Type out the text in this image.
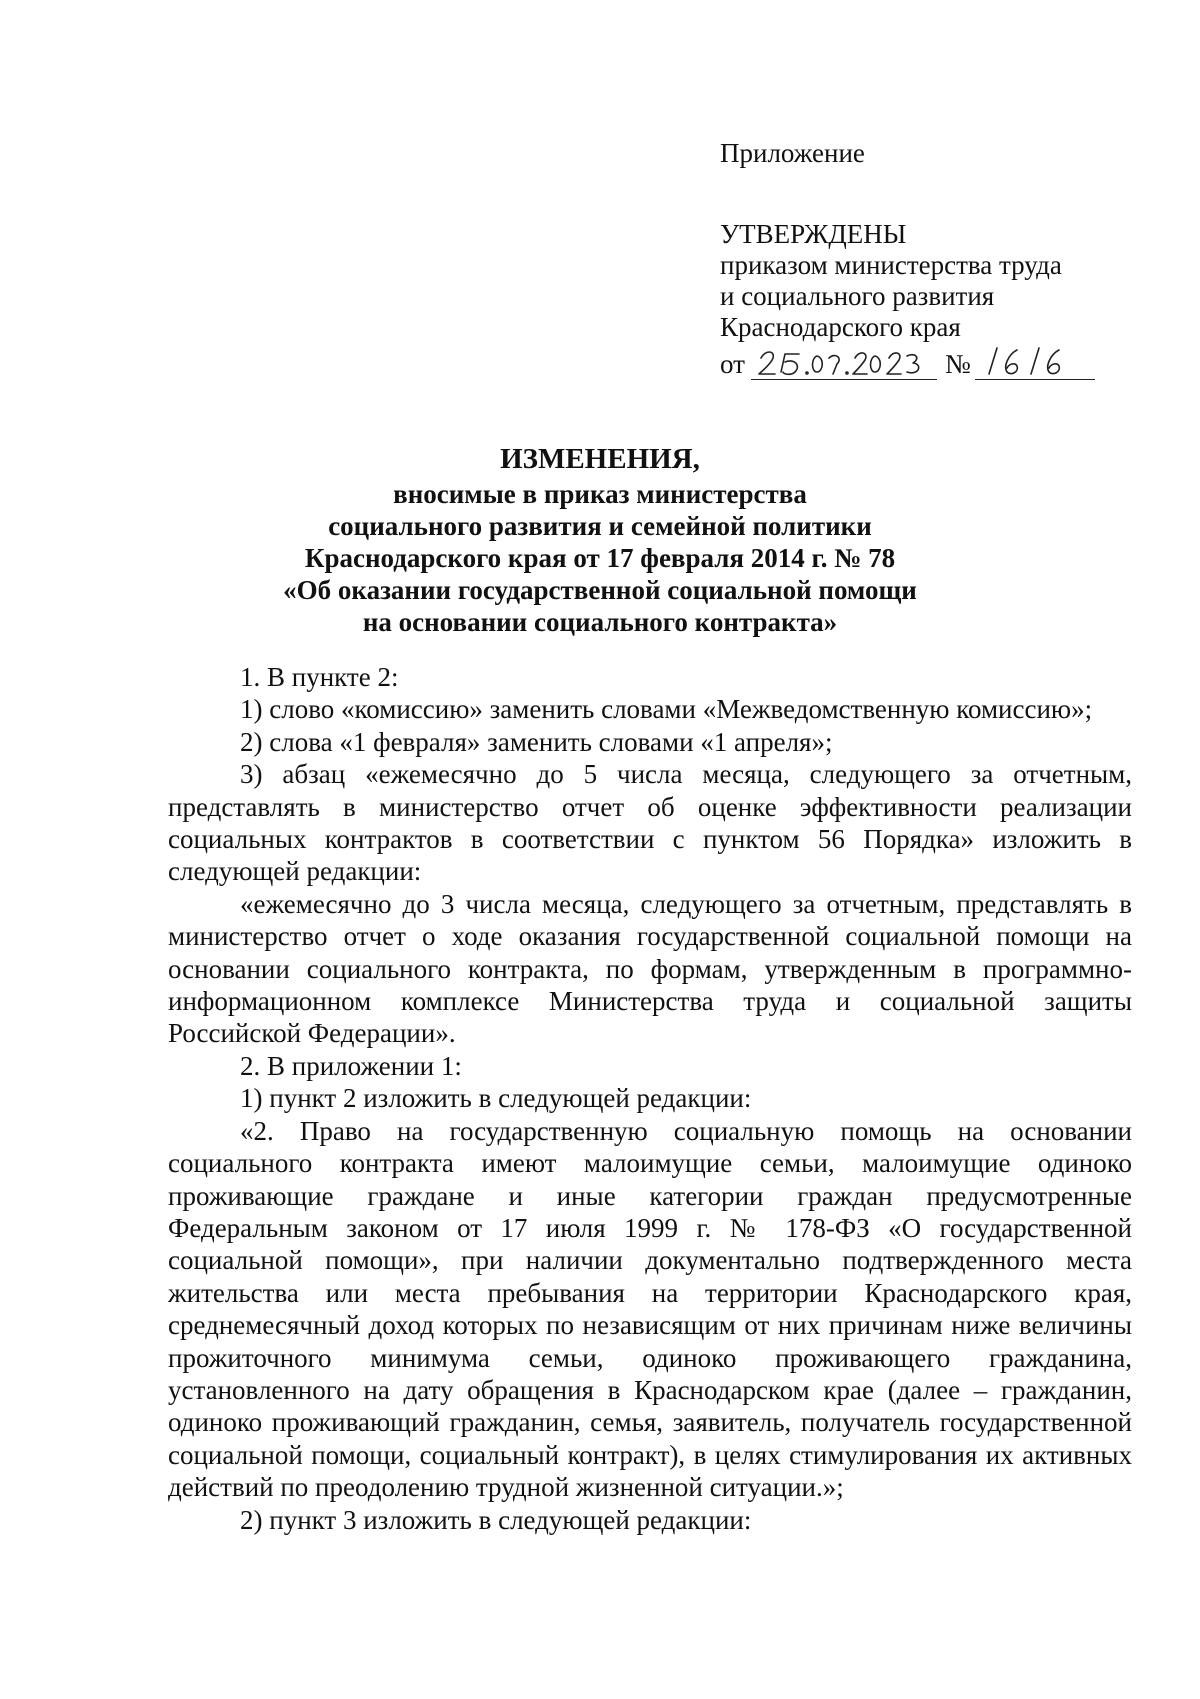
Приложение
УТВЕРЖДЕНЫ
приказом министерства труда
и социального развития
Краснодарского края
от	№
ИЗМЕНЕНИЯ,
вносимые в приказ министерства
социального развития и семейной политики
Краснодарского края от 17 февраля 2014 г. № 78
«Об оказании государственной социальной помощи
на основании социального контракта»

1. В пункте 2:

1) слово «комиссию» заменить словами «Межведомственную комиссию»;

2) слова «1 февраля» заменить словами «1 апреля»;

3) абзац «ежемесячно до 5 числа месяца, следующего за отчетным, представлять в министерство отчет об оценке эффективности реализации социальных контрактов в соответствии с пунктом 56 Порядка» изложить в следующей редакции:

«ежемесячно до 3 числа месяца, следующего за отчетным, представлять в министерство отчет о ходе оказания государственной социальной помощи на основании социального контракта, по формам, утвержденным в программно-информационном комплексе Министерства труда и социальной защиты Российской Федерации».

2. В приложении 1:

1) пункт 2 изложить в следующей редакции:

«2. Право на государственную социальную помощь на основании социального контракта имеют малоимущие семьи, малоимущие одиноко проживающие граждане и иные категории граждан предусмотренные Федеральным законом от 17 июля 1999 г. № 178-ФЗ «О государственной социальной помощи», при наличии документально подтвержденного места жительства или места пребывания на территории Краснодарского края, среднемесячный доход которых по независящим от них причинам ниже величины прожиточного минимума семьи, одиноко проживающего гражданина, установленного на дату обращения в Краснодарском крае (далее – гражданин, одиноко проживающий гражданин, семья, заявитель, получатель государственной социальной помощи, социальный контракт), в целях стимулирования их активных действий по преодолению трудной жизненной ситуации.»;

2) пункт 3 изложить в следующей редакции:
